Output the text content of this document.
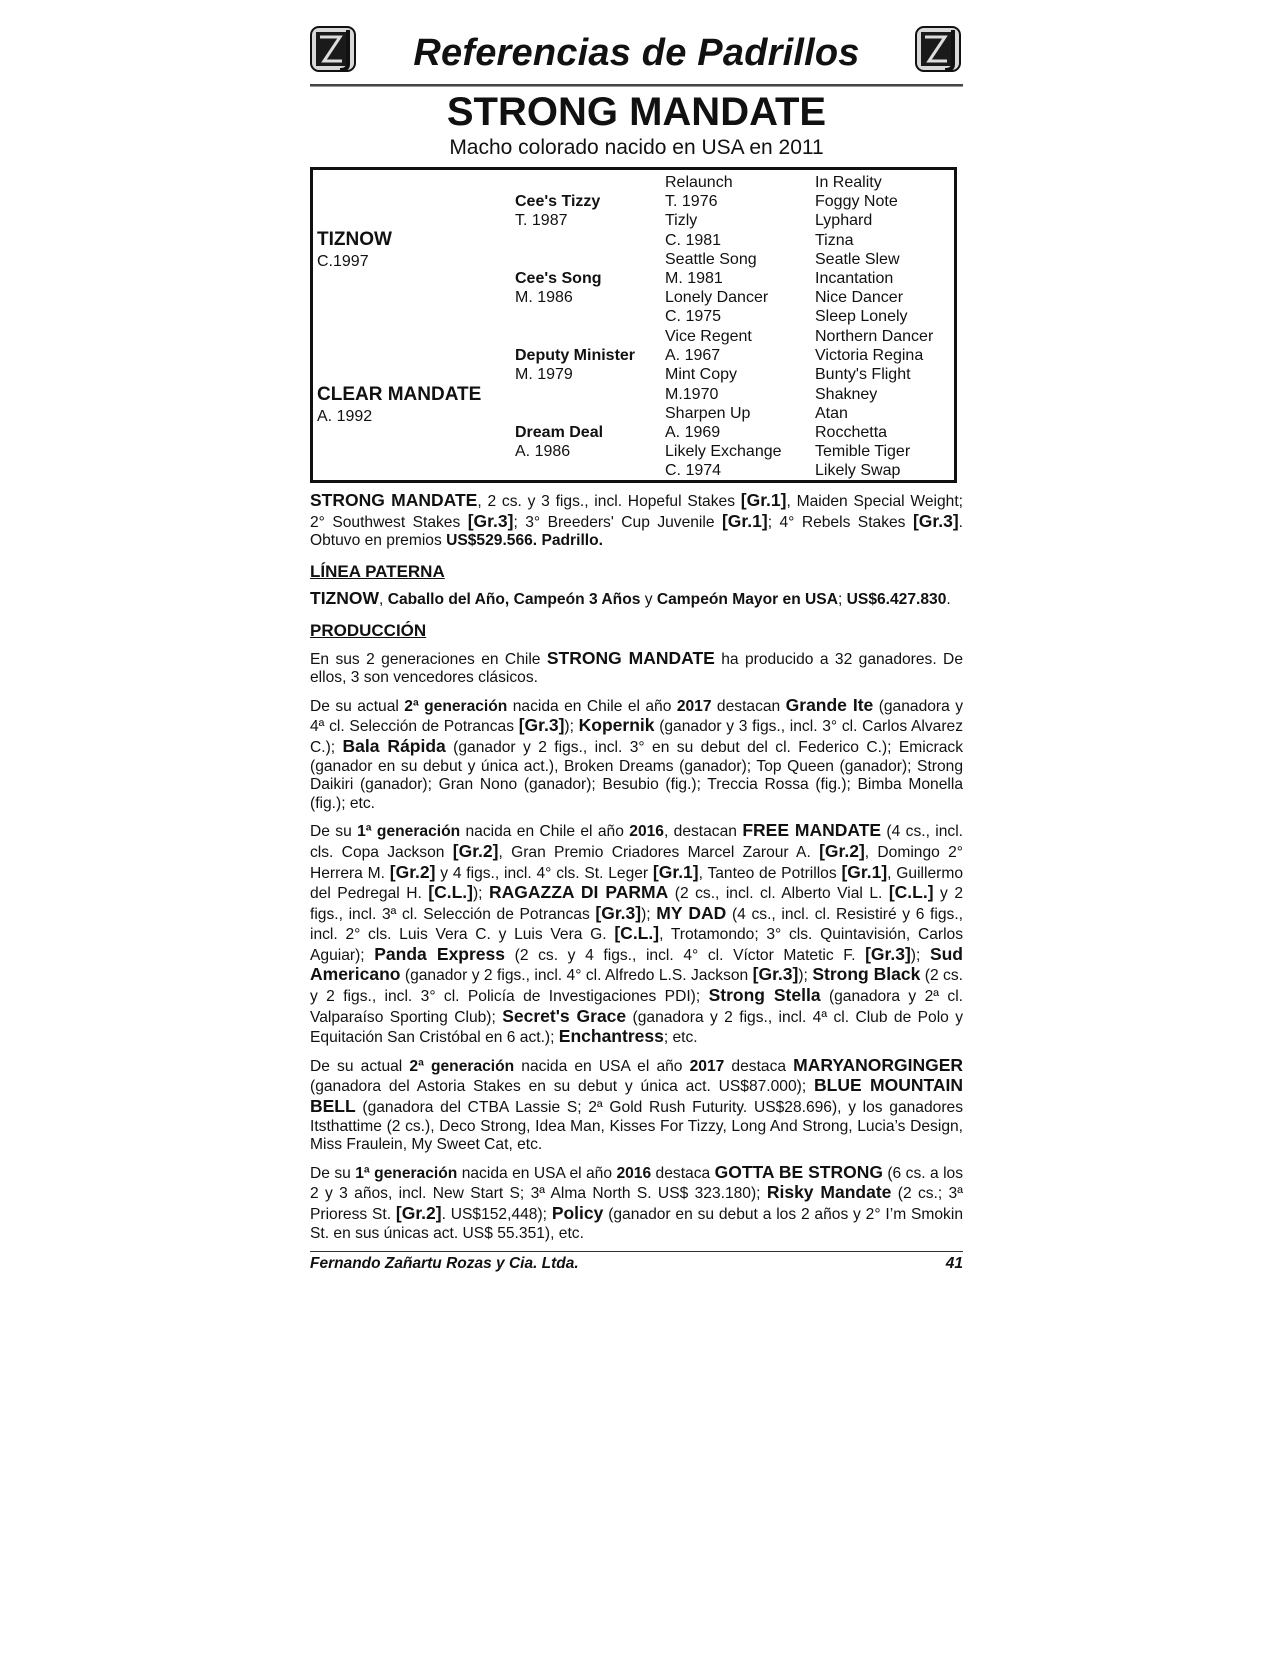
Referencias de Padrillos
STRONG MANDATE
Macho colorado nacido en USA en 2011
TIZNOW
C.1997
CLEAR MANDATE
A. 1992
Cee's Tizzy
T. 1987
Cee's Song
M. 1986
Deputy Minister
M. 1979
Dream Deal
A. 1986
Relaunch
T. 1976
Tizly
C. 1981
Seattle Song
M. 1981
Lonely Dancer
C. 1975
Vice Regent
A. 1967
Mint Copy
M.1970
Sharpen Up
A. 1969
Likely Exchange
C. 1974
In Reality
Foggy Note
Lyphard
Tizna
Seatle Slew
Incantation
Nice Dancer
Sleep Lonely
Northern Dancer
Victoria Regina
Bunty's Flight
Shakney
Atan
Rocchetta
Temible Tiger
Likely Swap

STRONG MANDATE, 2 cs. y 3 figs., incl. Hopeful Stakes [Gr.1], Maiden Special Weight; 2° Southwest Stakes [Gr.3]; 3° Breeders' Cup Juvenile [Gr.1]; 4° Rebels Stakes [Gr.3]. Obtuvo en premios US$529.566. Padrillo.

LÍNEA PATERNA

TIZNOW, Caballo del Año, Campeón 3 Años y Campeón Mayor en USA; US$6.427.830.

PRODUCCIÓN

En sus 2 generaciones en Chile STRONG MANDATE ha producido a 32 ganadores. De ellos, 3 son vencedores clásicos.

De su actual 2ª generación nacida en Chile el año 2017 destacan Grande Ite (ganadora y 4ª cl. Selección de Potrancas [Gr.3]); Kopernik (ganador y 3 figs., incl. 3° cl. Carlos Alvarez C.); Bala Rápida (ganador y 2 figs., incl. 3° en su debut del cl. Federico C.); Emicrack (ganador en su debut y única act.), Broken Dreams (ganador); Top Queen (ganador); Strong Daikiri (ganador); Gran Nono (ganador); Besubio (fig.); Treccia Rossa (fig.); Bimba Monella (fig.); etc.

De su 1ª generación nacida en Chile el año 2016, destacan FREE MANDATE (4 cs., incl. cls. Copa Jackson [Gr.2], Gran Premio Criadores Marcel Zarour A. [Gr.2], Domingo 2° Herrera M. [Gr.2] y 4 figs., incl. 4° cls. St. Leger [Gr.1], Tanteo de Potrillos [Gr.1], Guillermo del Pedregal H. [C.L.]); RAGAZZA DI PARMA (2 cs., incl. cl. Alberto Vial L. [C.L.] y 2 figs., incl. 3ª cl. Selección de Potrancas [Gr.3]); MY DAD (4 cs., incl. cl. Resistiré y 6 figs., incl. 2° cls. Luis Vera C. y Luis Vera G. [C.L.], Trotamondo; 3° cls. Quintavisión, Carlos Aguiar); Panda Express (2 cs. y 4 figs., incl. 4° cl. Víctor Matetic F. [Gr.3]); Sud Americano (ganador y 2 figs., incl. 4° cl. Alfredo L.S. Jackson [Gr.3]); Strong Black (2 cs. y 2 figs., incl. 3° cl. Policía de Investigaciones PDI); Strong Stella (ganadora y 2ª cl. Valparaíso Sporting Club); Secret's Grace (ganadora y 2 figs., incl. 4ª cl. Club de Polo y Equitación San Cristóbal en 6 act.); Enchantress; etc.

De su actual 2ª generación nacida en USA el año 2017 destaca MARYANORGINGER (ganadora del Astoria Stakes en su debut y única act. US$87.000); BLUE MOUNTAIN BELL (ganadora del CTBA Lassie S; 2ª Gold Rush Futurity. US$28.696), y los ganadores Itsthattime (2 cs.), Deco Strong, Idea Man, Kisses For Tizzy, Long And Strong, Lucia’s Design, Miss Fraulein, My Sweet Cat, etc.

De su 1ª generación nacida en USA el año 2016 destaca GOTTA BE STRONG (6 cs. a los 2 y 3 años, incl. New Start S; 3ª Alma North S. US$ 323.180); Risky Mandate (2 cs.; 3ª Prioress St. [Gr.2]. US$152,448); Policy (ganador en su debut a los 2 años y 2° I’m Smokin St. en sus únicas act. US$ 55.351), etc.

Fernando Zañartu Rozas y Cia. Ltda.	41
